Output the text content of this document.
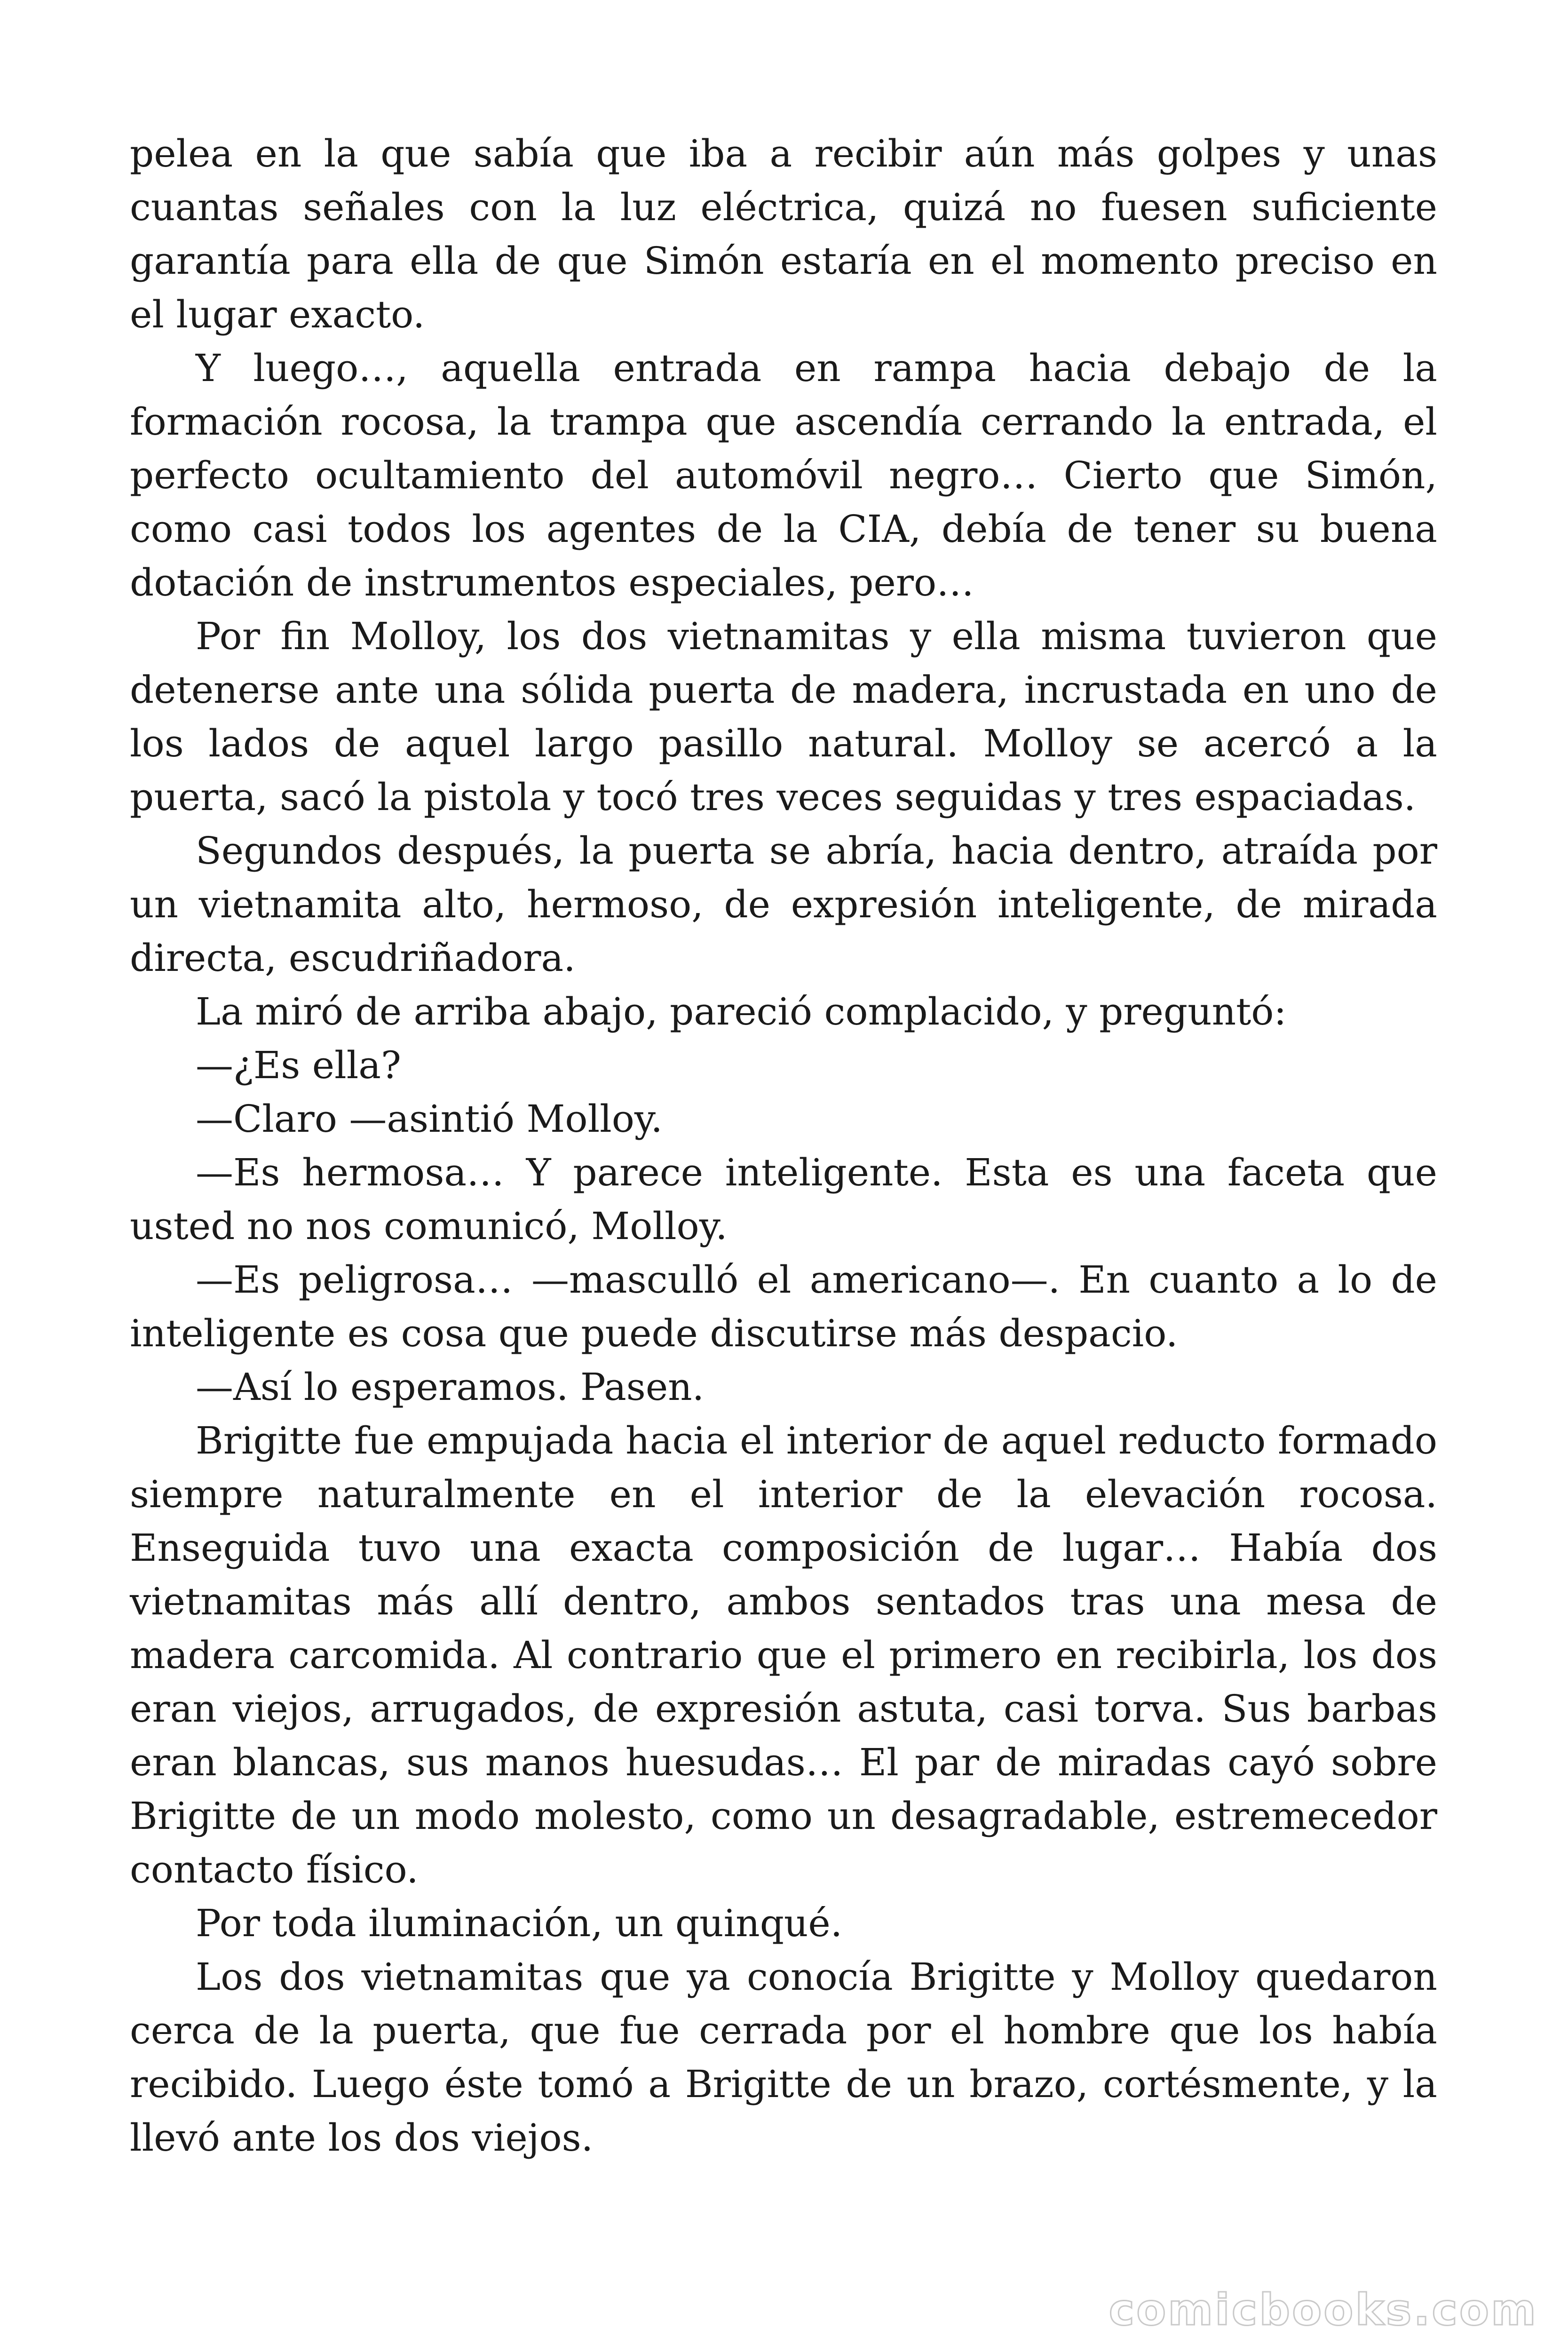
pelea en la que sabía que iba a recibir aún más golpes y unas cuantas señales con la luz eléctrica, quizá no fuesen suficiente garantía para ella de que Simón estaría en el momento preciso en el lugar exacto.

Y luego…, aquella entrada en rampa hacia debajo de la formación rocosa, la trampa que ascendía cerrando la entrada, el perfecto ocultamiento del automóvil negro… Cierto que Simón, como casi todos los agentes de la CIA, debía de tener su buena dotación de instrumentos especiales, pero…

Por fin Molloy, los dos vietnamitas y ella misma tuvieron que detenerse ante una sólida puerta de madera, incrustada en uno de los lados de aquel largo pasillo natural. Molloy se acercó a la puerta, sacó la pistola y tocó tres veces seguidas y tres espaciadas.

Segundos después, la puerta se abría, hacia dentro, atraída por un vietnamita alto, hermoso, de expresión inteligente, de mirada directa, escudriñadora.

La miró de arriba abajo, pareció complacido, y preguntó:

—¿Es ella?

—Claro —asintió Molloy.

—Es hermosa… Y parece inteligente. Esta es una faceta que usted no nos comunicó, Molloy.

—Es peligrosa… —masculló el americano—. En cuanto a lo de inteligente es cosa que puede discutirse más despacio.

—Así lo esperamos. Pasen.

Brigitte fue empujada hacia el interior de aquel reducto formado siempre naturalmente en el interior de la elevación rocosa. Enseguida tuvo una exacta composición de lugar… Había dos vietnamitas más allí dentro, ambos sentados tras una mesa de madera carcomida. Al contrario que el primero en recibirla, los dos eran viejos, arrugados, de expresión astuta, casi torva. Sus barbas eran blancas, sus manos huesudas… El par de miradas cayó sobre Brigitte de un modo molesto, como un desagradable, estremecedor contacto físico.

Por toda iluminación, un quinqué.

Los dos vietnamitas que ya conocía Brigitte y Molloy quedaron cerca de la puerta, que fue cerrada por el hombre que los había recibido. Luego éste tomó a Brigitte de un brazo, cortésmente, y la llevó ante los dos viejos.

comicbooks.com
